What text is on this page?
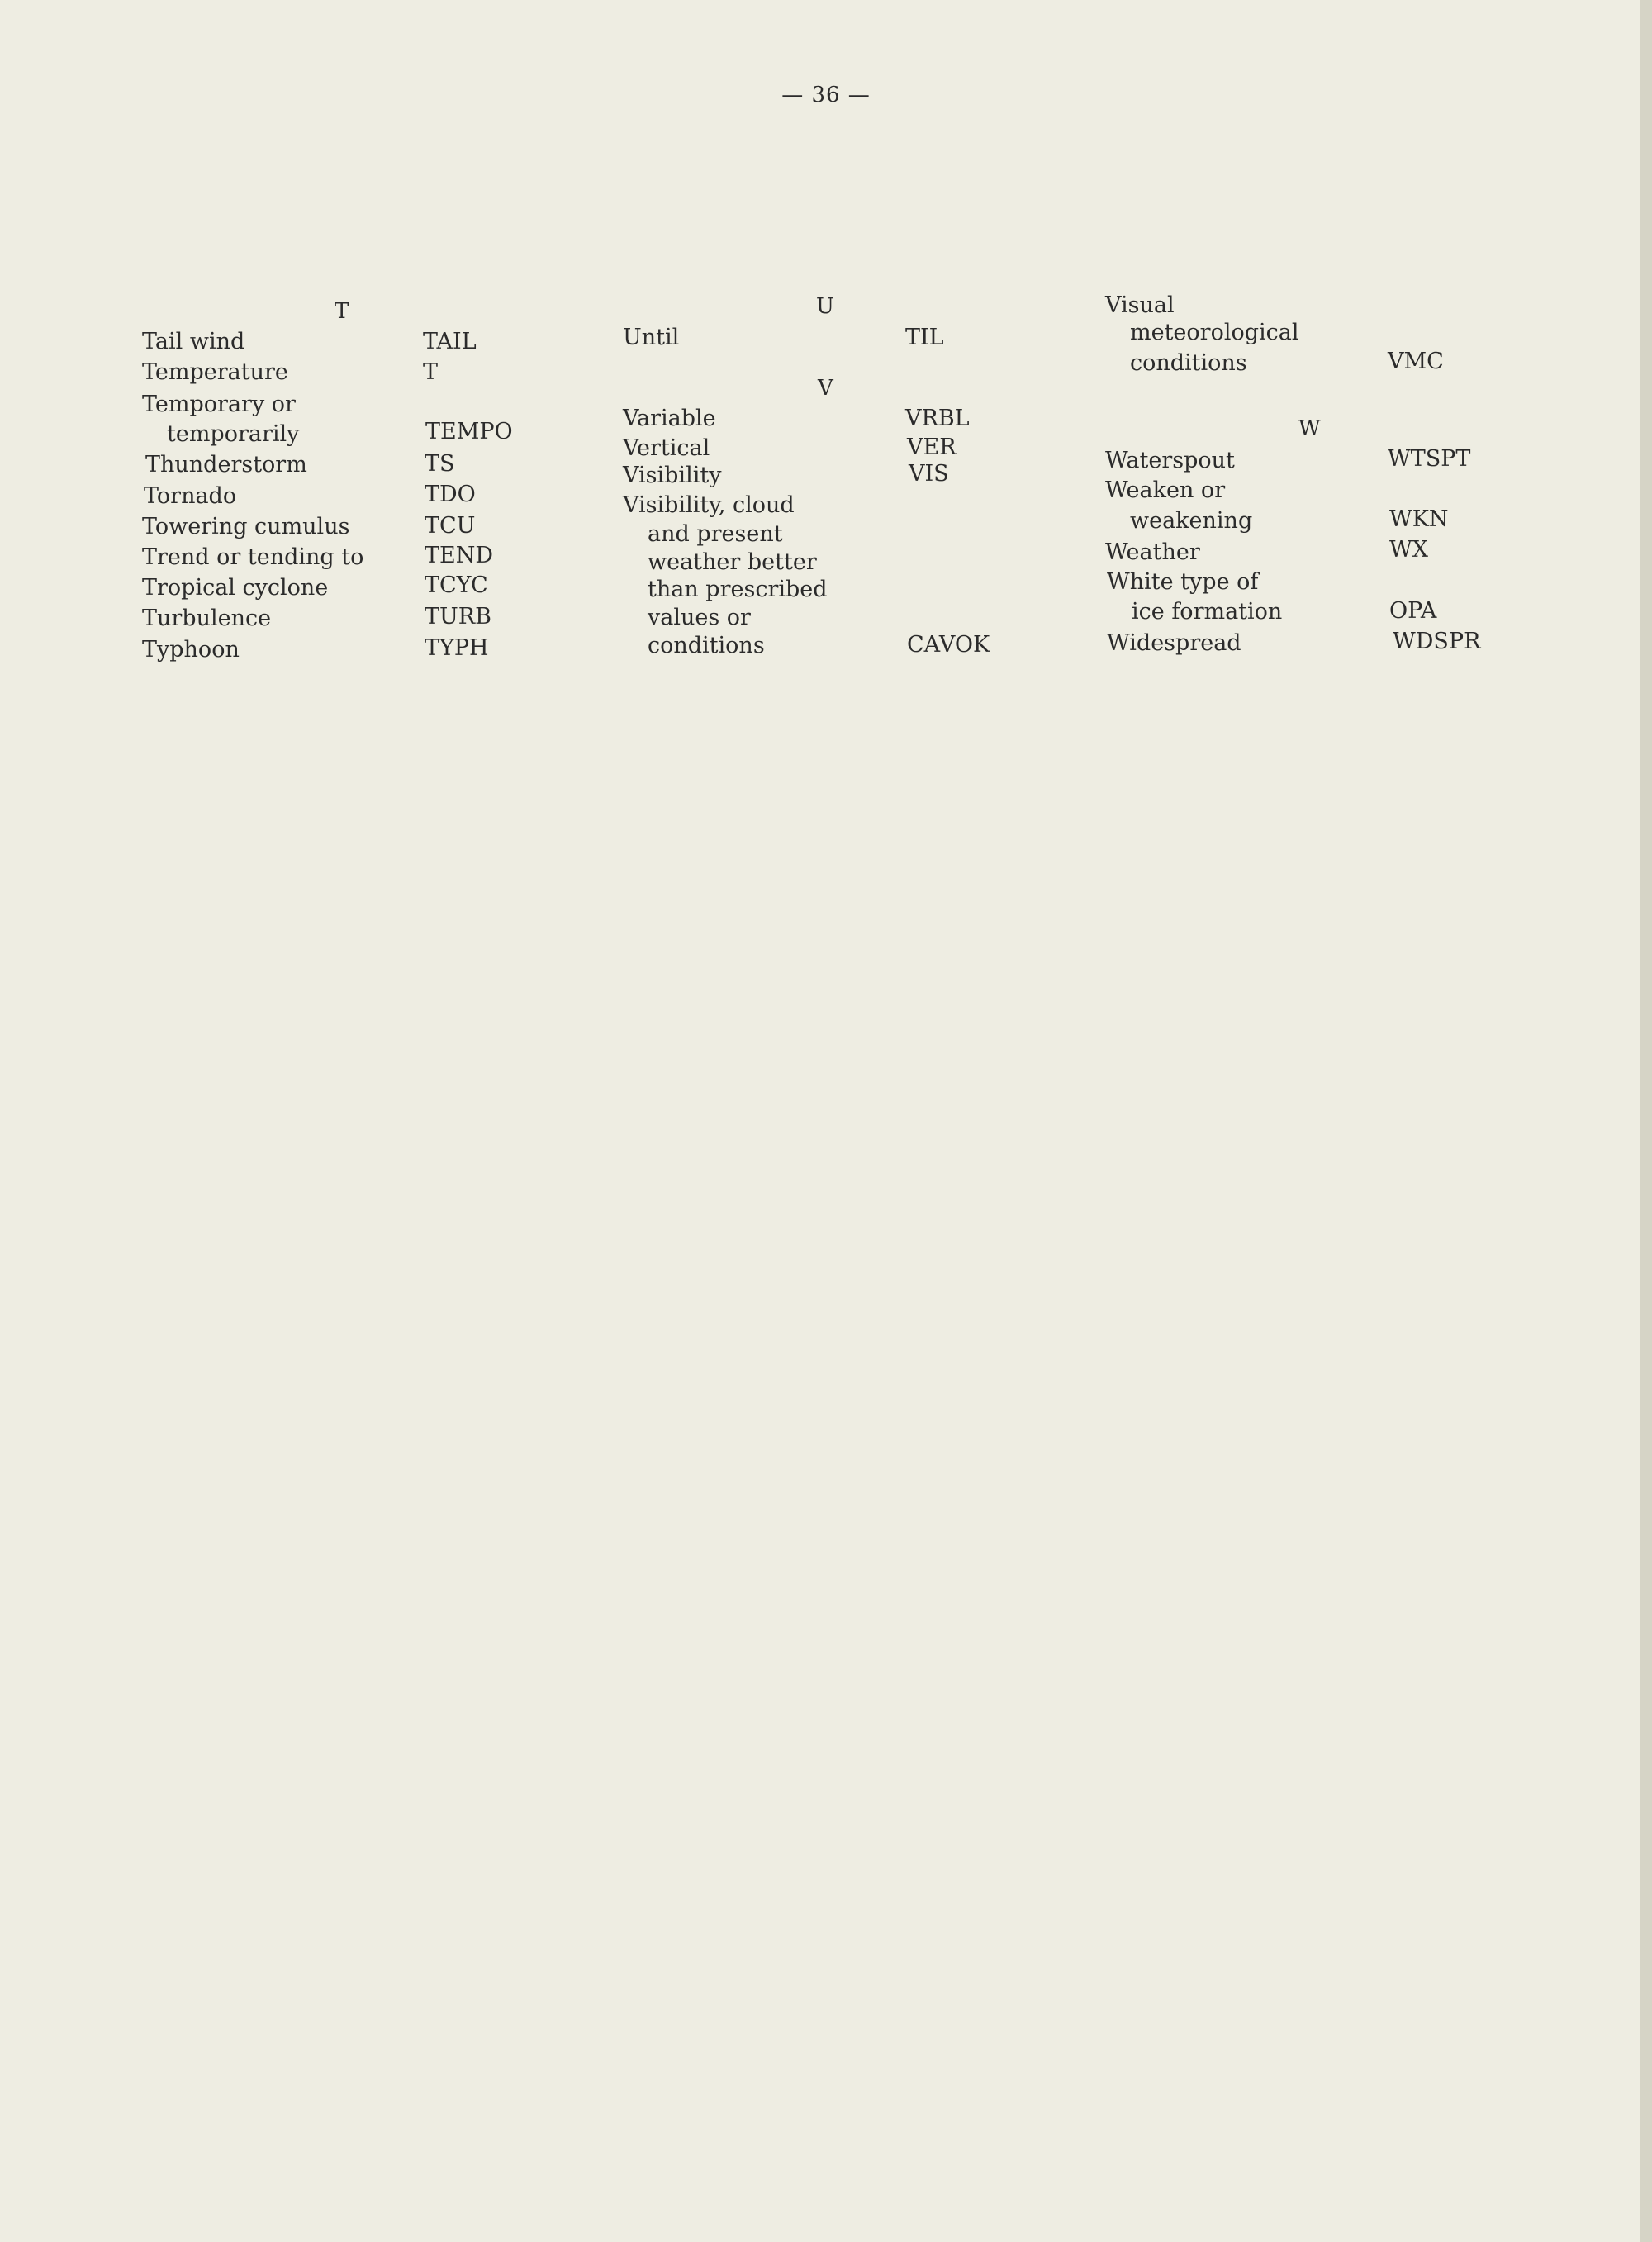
— 36 —
T
Tail wind	TAIL
Temperature	T
Temporary or
temporarily	TEMPO
Thunderstorm	TS
Tornado	TDO
Towering cumulus	TCU
Trend or tending to	TEND
Tropical cyclone	TCYC
Turbulence	TURB
Typhoon	TYPH
U
Until	TIL
V
Variable	VRBL
Vertical	VER
Visibility	VIS
Visibility, cloud
and present
weather better
than prescribed
values or
conditions	CAVOK
Visual
meteorological
conditions	VMC
W
Waterspout	WTSPT
Weaken or
weakening	WKN
Weather	WX
White type of
ice formation	OPA
Widespread	WDSPR
